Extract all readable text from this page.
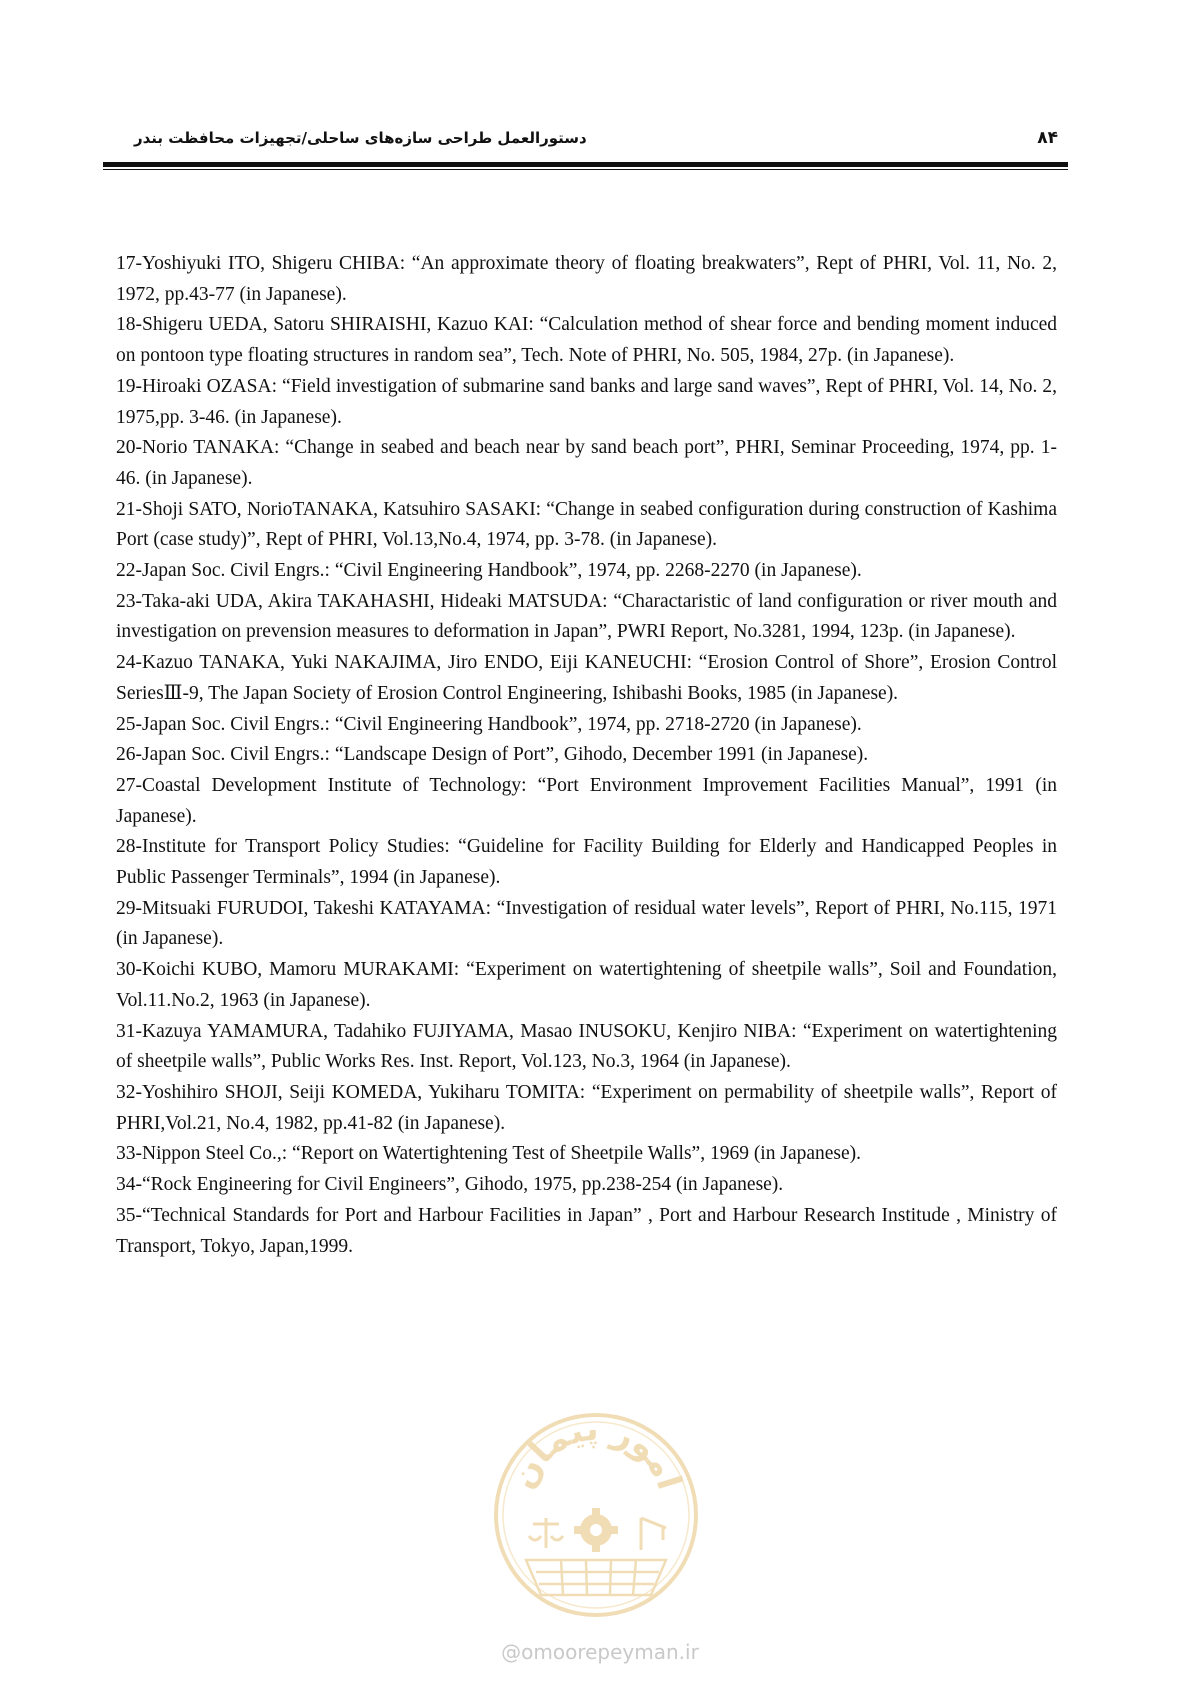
۸۴
دستورالعمل طراحی سازه‌های ساحلی/تجهیزات محافظت بندر

17-Yoshiyuki ITO, Shigeru CHIBA: “An approximate theory of floating breakwaters”, Rept of PHRI, Vol. 11, No. 2, 1972, pp.43-77 (in Japanese).

18-Shigeru UEDA, Satoru SHIRAISHI, Kazuo KAI: “Calculation method of shear force and bending moment induced on pontoon type floating structures in random sea”, Tech. Note of PHRI, No. 505, 1984, 27p. (in Japanese).

19-Hiroaki OZASA: “Field investigation of submarine sand banks and large sand waves”, Rept of PHRI, Vol. 14, No. 2, 1975,pp. 3-46. (in Japanese).

20-Norio TANAKA: “Change in seabed and beach near by sand beach port”, PHRI, Seminar Proceeding, 1974, pp. 1-46. (in Japanese).

21-Shoji SATO, NorioTANAKA, Katsuhiro SASAKI: “Change in seabed configuration during construction of Kashima Port (case study)”, Rept of PHRI, Vol.13,No.4, 1974, pp. 3-78. (in Japanese).

22-Japan Soc. Civil Engrs.: “Civil Engineering Handbook”, 1974, pp. 2268-2270 (in Japanese).

23-Taka-aki UDA, Akira TAKAHASHI, Hideaki MATSUDA: “Charactaristic of land configuration or river mouth and investigation on prevension measures to deformation in Japan”, PWRI Report, No.3281, 1994, 123p. (in Japanese).

24-Kazuo TANAKA, Yuki NAKAJIMA, Jiro ENDO, Eiji KANEUCHI: “Erosion Control of Shore”, Erosion Control SeriesⅢ-9, The Japan Society of Erosion Control Engineering, Ishibashi Books, 1985 (in Japanese).

25-Japan Soc. Civil Engrs.: “Civil Engineering Handbook”, 1974, pp. 2718-2720 (in Japanese).

26-Japan Soc. Civil Engrs.: “Landscape Design of Port”, Gihodo, December 1991 (in Japanese).

27-Coastal Development Institute of Technology: “Port Environment Improvement Facilities Manual”, 1991 (in Japanese).

28-Institute for Transport Policy Studies: “Guideline for Facility Building for Elderly and Handicapped Peoples in Public Passenger Terminals”, 1994 (in Japanese).

29-Mitsuaki FURUDOI, Takeshi KATAYAMA: “Investigation of residual water levels”, Report of PHRI, No.115, 1971 (in Japanese).

30-Koichi KUBO, Mamoru MURAKAMI: “Experiment on watertightening of sheetpile walls”, Soil and Foundation, Vol.11.No.2, 1963 (in Japanese).

31-Kazuya YAMAMURA, Tadahiko FUJIYAMA, Masao INUSOKU, Kenjiro NIBA: “Experiment on watertightening of sheetpile walls”, Public Works Res. Inst. Report, Vol.123, No.3, 1964 (in Japanese).

32-Yoshihiro SHOJI, Seiji KOMEDA, Yukiharu TOMITA: “Experiment on permability of sheetpile walls”, Report of PHRI,Vol.21, No.4, 1982, pp.41-82 (in Japanese).

33-Nippon Steel Co.,: “Report on Watertightening Test of Sheetpile Walls”, 1969 (in Japanese).

34-“Rock Engineering for Civil Engineers”, Gihodo, 1975, pp.238-254 (in Japanese).

35-“Technical Standards for Port and Harbour Facilities in Japan” , Port and Harbour Research Institude , Ministry of Transport, Tokyo, Japan,1999.

امور پیمان
@omoorepeyman.ir
